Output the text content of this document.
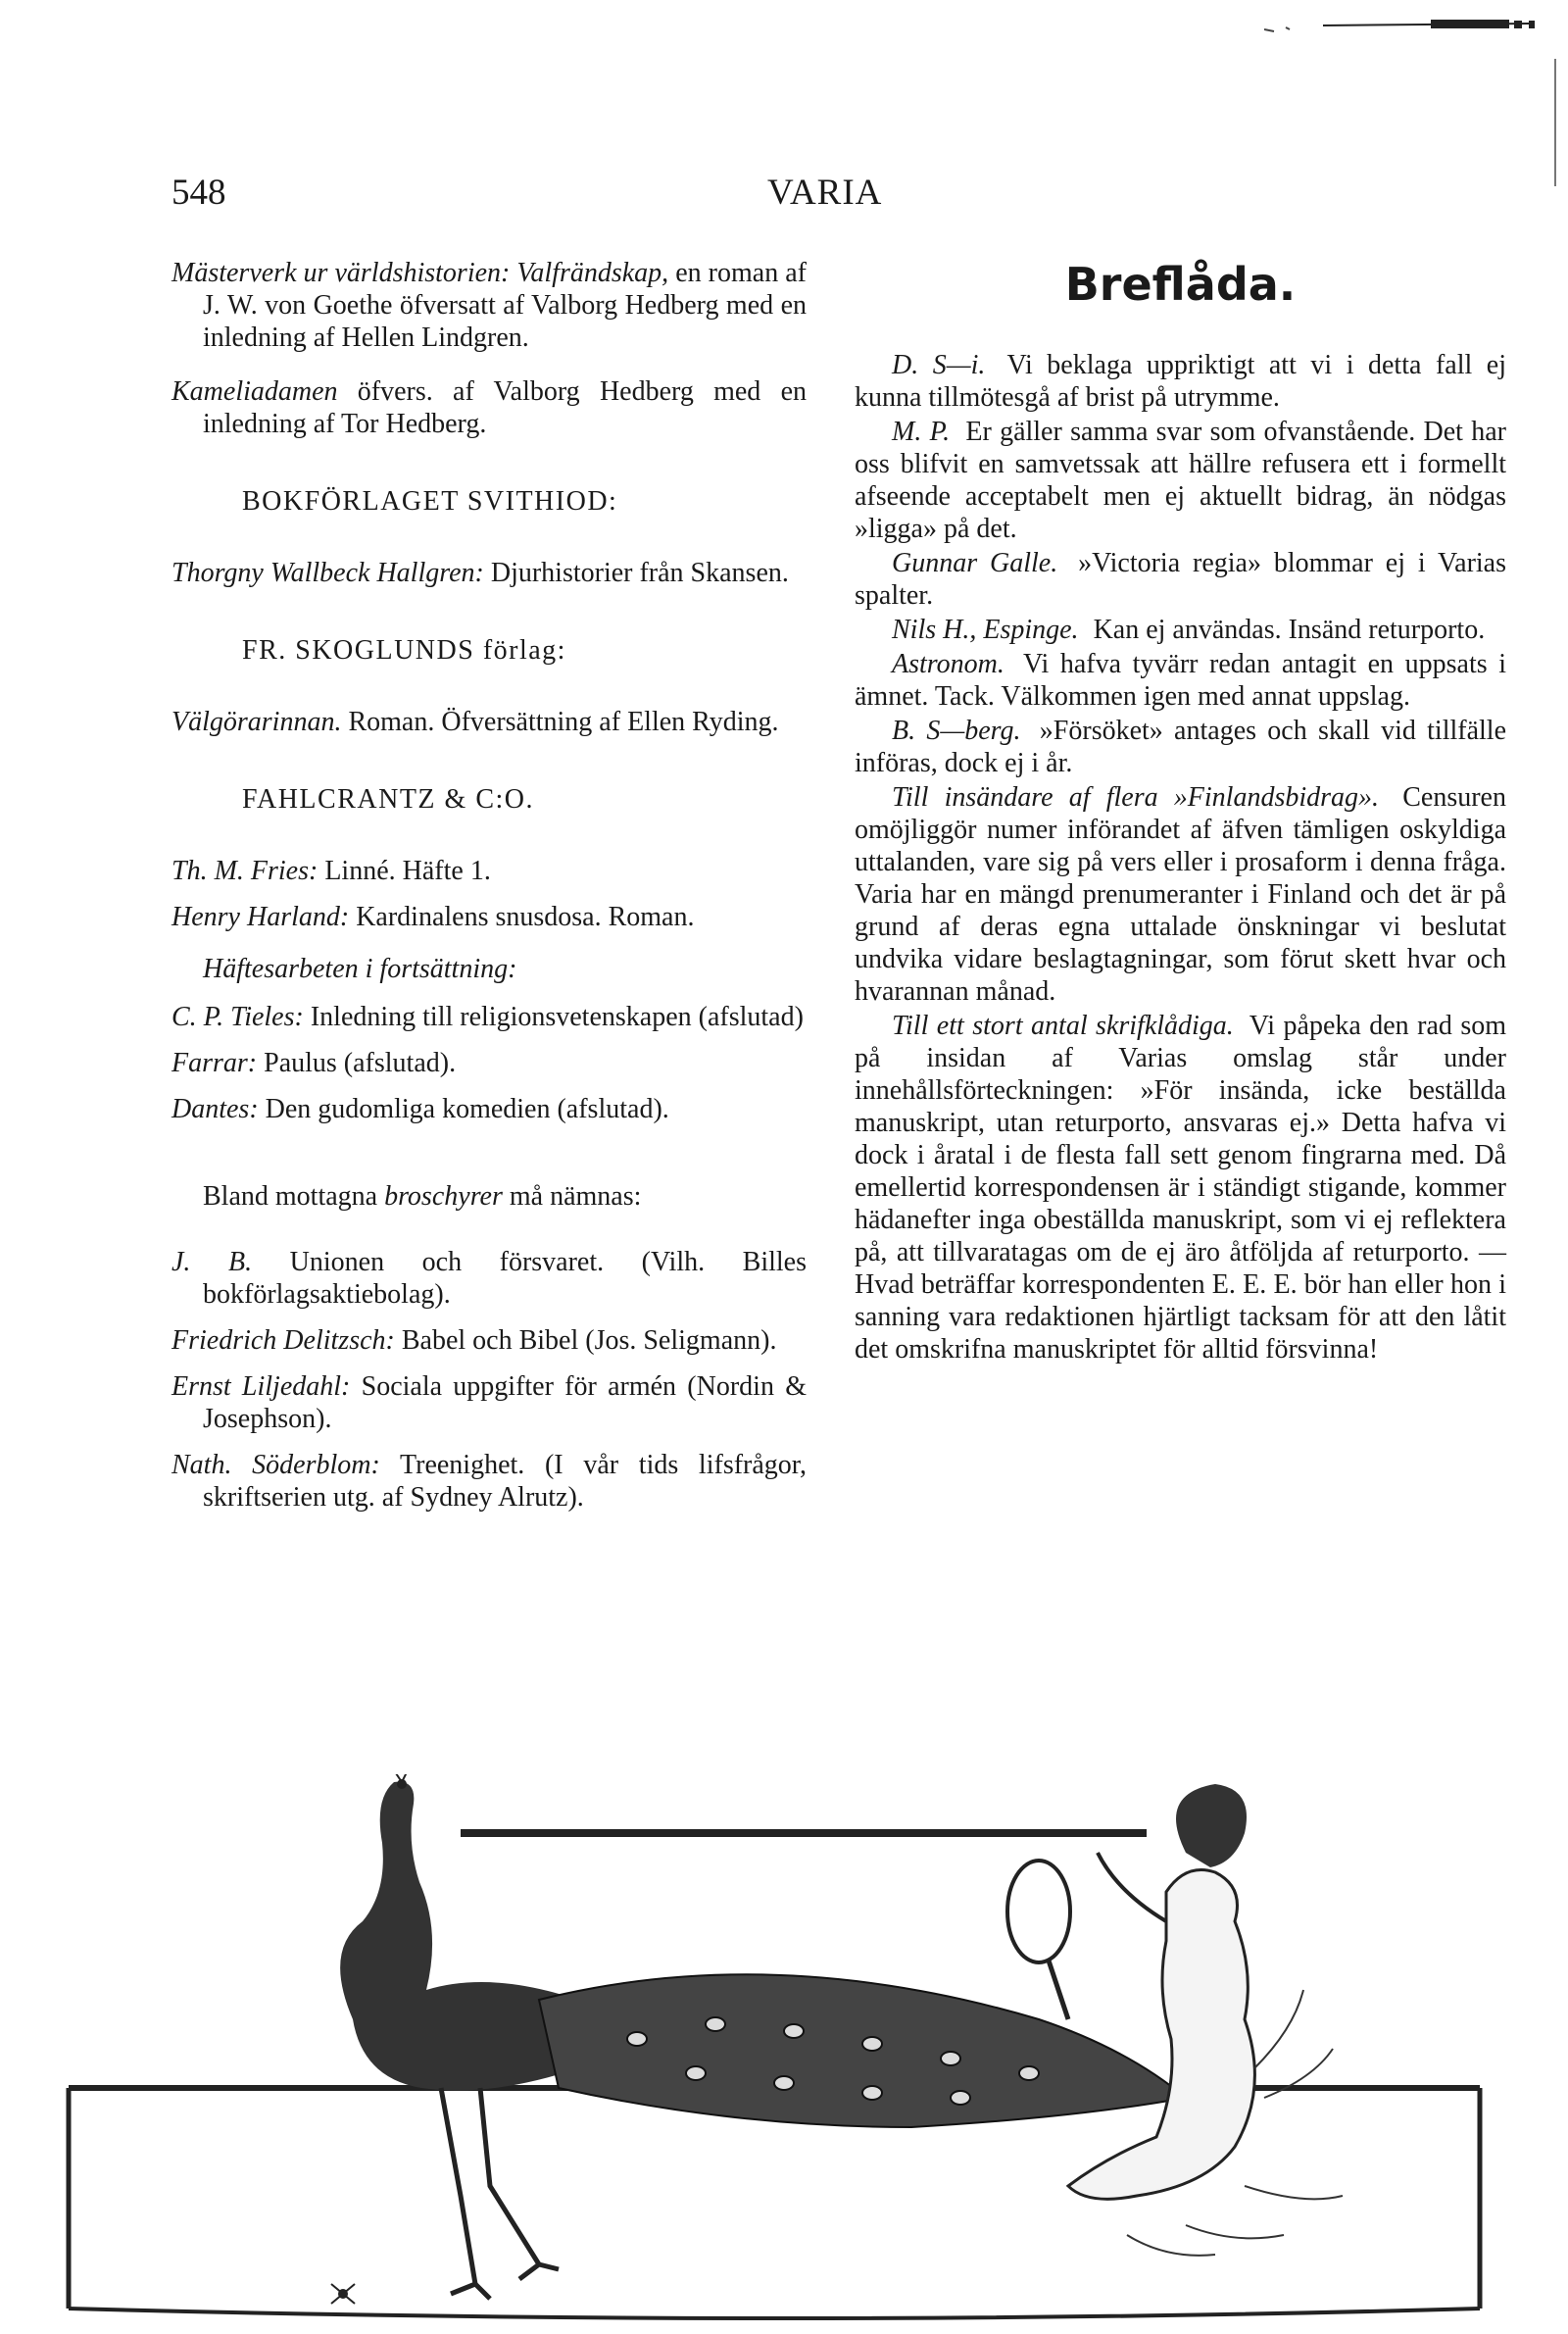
548	VARIA
Mästerverk ur världshistorien: Valfrändskap, en roman af J. W. von Goethe öfversatt af Valborg Hedberg med en inledning af Hellen Lindgren.
Kameliadamen öfvers. af Valborg Hedberg med en inledning af Tor Hedberg.
BOKFÖRLAGET SVITHIOD:
Thorgny Wallbeck Hallgren: Djurhistorier från Skansen.
FR. SKOGLUNDS förlag:
Välgörarinnan. Roman. Öfversättning af Ellen Ryding.
FAHLCRANTZ & C:O.
Th. M. Fries: Linné. Häfte 1.
Henry Harland: Kardinalens snusdosa. Roman.
Häftesarbeten i fortsättning:
C. P. Tieles: Inledning till religionsvetenskapen (afslutad)
Farrar: Paulus (afslutad).
Dantes: Den gudomliga komedien (afslutad).
Bland mottagna broschyrer må nämnas:
J. B. Unionen och försvaret. (Vilh. Billes bokförlagsaktiebolag).
Friedrich Delitzsch: Babel och Bibel (Jos. Seligmann).
Ernst Liljedahl: Sociala uppgifter för armén (Nordin & Josephson).
Nath. Söderblom: Treenighet. (I vår tids lifsfrågor, skriftserien utg. af Sydney Alrutz).
Breflåda.

D. S—i. Vi beklaga uppriktigt att vi i detta fall ej kunna tillmötesgå af brist på utrymme.

M. P. Er gäller samma svar som ofvanstående. Det har oss blifvit en samvetssak att hällre refusera ett i formellt afseende acceptabelt men ej aktuellt bidrag, än nödgas »ligga» på det.

Gunnar Galle. »Victoria regia» blommar ej i Varias spalter.

Nils H., Espinge. Kan ej användas. Insänd returporto.

Astronom. Vi hafva tyvärr redan antagit en uppsats i ämnet. Tack. Välkommen igen med annat uppslag.

B. S—berg. »Försöket» antages och skall vid tillfälle införas, dock ej i år.

Till insändare af flera »Finlandsbidrag». Censuren omöjliggör numer införandet af äfven tämligen oskyldiga uttalanden, vare sig på vers eller i prosaform i denna fråga. Varia har en mängd prenumeranter i Finland och det är på grund af deras egna uttalade önskningar vi beslutat undvika vidare beslagtagningar, som förut skett hvar och hvarannan månad.

Till ett stort antal skrifklådiga. Vi påpeka den rad som på insidan af Varias omslag står under innehållsförteckningen: »För insända, icke beställda manuskript, utan returporto, ansvaras ej.» Detta hafva vi dock i åratal i de flesta fall sett genom fingrarna med. Då emellertid korrespondensen är i ständigt stigande, kommer hädanefter inga obeställda manuskript, som vi ej reflektera på, att tillvaratagas om de ej äro åtföljda af returporto. — Hvad beträffar korrespondenten E. E. E. bör han eller hon i sanning vara redaktionen hjärtligt tacksam för att den låtit det omskrifna manuskriptet för alltid försvinna!
